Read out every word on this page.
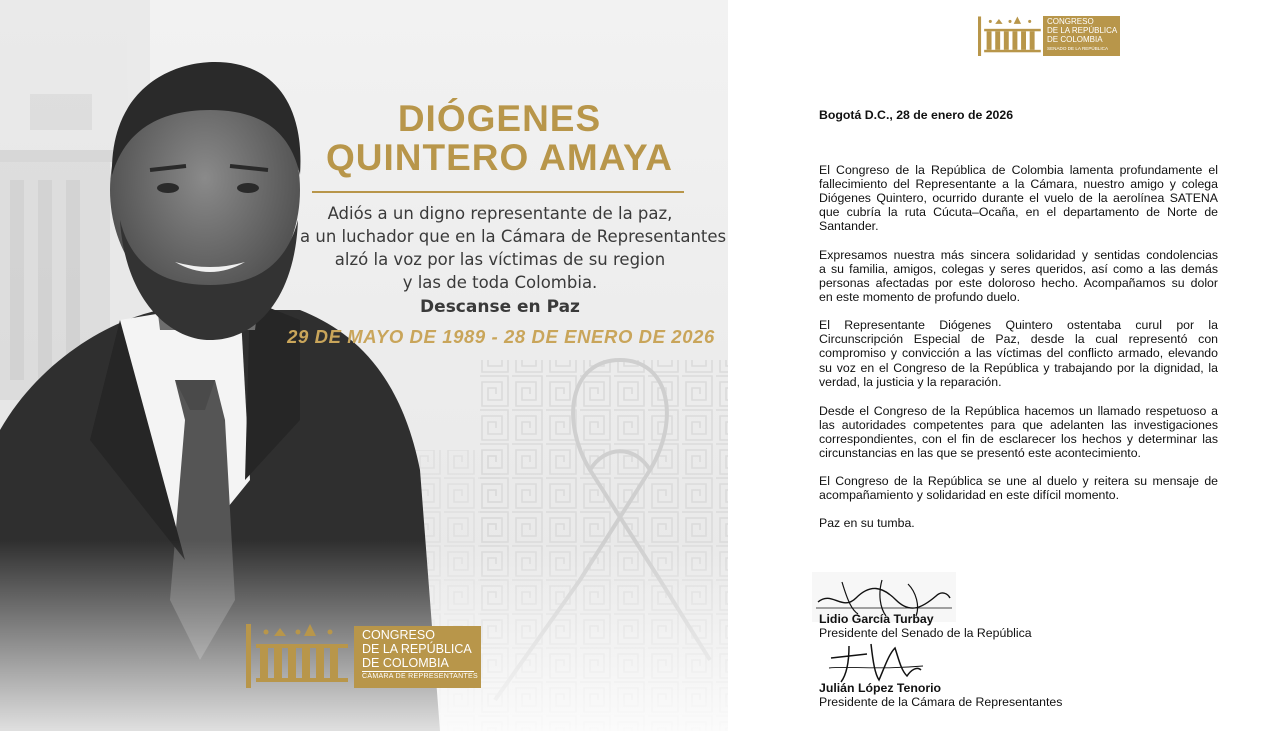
DIÓGENES
QUINTERO AMAYA
Adiós a un digno representante de la paz,
a un luchador que en la Cámara de Representantes
alzó la voz por las víctimas de su region
y las de toda Colombia.
Descanse en Paz
29 DE MAYO DE 1989 - 28 DE ENERO DE 2026
CONGRESO
DE LA REPÚBLICA
DE COLOMBIA
CÁMARA DE REPRESENTANTES
CONGRESO
DE LA REPÚBLICA
DE COLOMBIA
SENADO DE LA REPÚBLICA
Bogotá D.C., 28 de enero de 2026
El Congreso de la República de Colombia lamenta profundamente el
fallecimiento del Representante a la Cámara, nuestro amigo y colega
Diógenes Quintero, ocurrido durante el vuelo de la aerolínea SATENA
que cubría la ruta Cúcuta–Ocaña, en el departamento de Norte de
Santander.
Expresamos nuestra más sincera solidaridad y sentidas condolencias
a su familia, amigos, colegas y seres queridos, así como a las demás
personas afectadas por este doloroso hecho. Acompañamos su dolor
en este momento de profundo duelo.
El Representante Diógenes Quintero ostentaba curul por la
Circunscripción Especial de Paz, desde la cual representó con
compromiso y convicción a las víctimas del conflicto armado, elevando
su voz en el Congreso de la República y trabajando por la dignidad, la
verdad, la justicia y la reparación.
Desde el Congreso de la República hacemos un llamado respetuoso a
las autoridades competentes para que adelanten las investigaciones
correspondientes, con el fin de esclarecer los hechos y determinar las
circunstancias en las que se presentó este acontecimiento.
El Congreso de la República se une al duelo y reitera su mensaje de
acompañamiento y solidaridad en este difícil momento.
Paz en su tumba.
Lidio García Turbay
Presidente del Senado de la República
Julián López Tenorio
Presidente de la Cámara de Representantes
